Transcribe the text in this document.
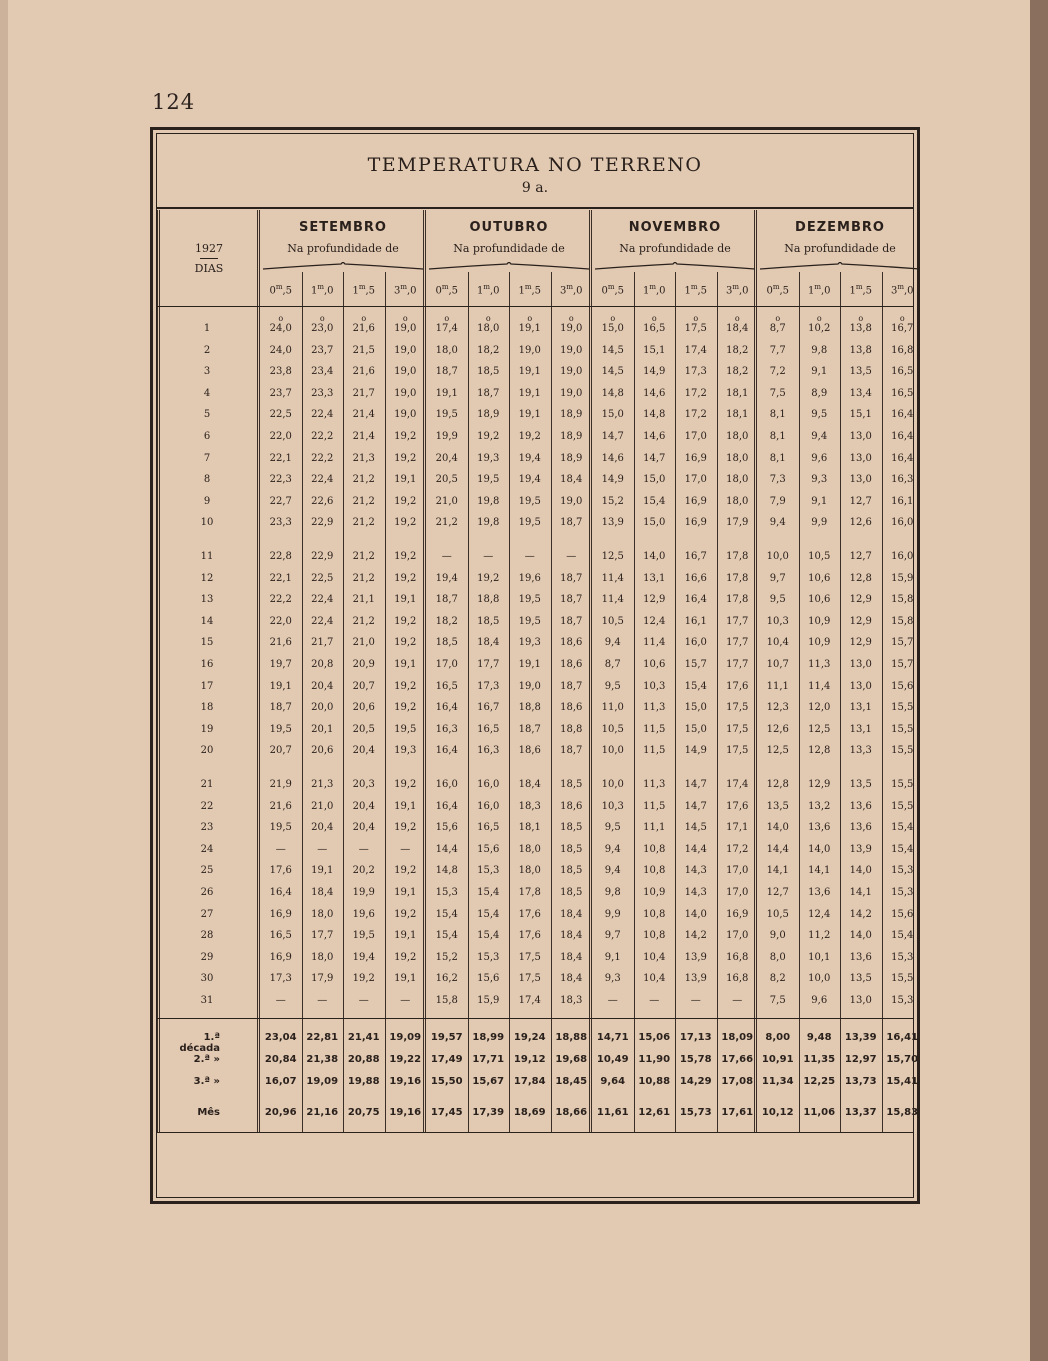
124
TEMPERATURA NO TERRENO
9 a.
1927
DIAS
SETEMBRO
Na profundidade de
OUTUBRO
Na profundidade de
NOVEMBRO
Na profundidade de
DEZEMBRO
Na profundidade de
0$^m$,5	1$^m$,0	1$^m$,5	3$^m$,0	0$^m$,5	1$^m$,0	1$^m$,5	3$^m$,0	0$^m$,5	1$^m$,0	1$^m$,5	3$^m$,0	0$^m$,5	1$^m$,0	1$^m$,5	3$^m$,0
o	o	o	o	o	o	o	o	o	o	o	o	o	o	o	o
1	24,0	23,0	21,6	19,0	17,4	18,0	19,1	19,0	15,0	16,5	17,5	18,4	8,7	10,2	13,8	16,7
2	24,0	23,7	21,5	19,0	18,0	18,2	19,0	19,0	14,5	15,1	17,4	18,2	7,7	9,8	13,8	16,8
3	23,8	23,4	21,6	19,0	18,7	18,5	19,1	19,0	14,5	14,9	17,3	18,2	7,2	9,1	13,5	16,5
4	23,7	23,3	21,7	19,0	19,1	18,7	19,1	19,0	14,8	14,6	17,2	18,1	7,5	8,9	13,4	16,5
5	22,5	22,4	21,4	19,0	19,5	18,9	19,1	18,9	15,0	14,8	17,2	18,1	8,1	9,5	15,1	16,4
6	22,0	22,2	21,4	19,2	19,9	19,2	19,2	18,9	14,7	14,6	17,0	18,0	8,1	9,4	13,0	16,4
7	22,1	22,2	21,3	19,2	20,4	19,3	19,4	18,9	14,6	14,7	16,9	18,0	8,1	9,6	13,0	16,4
8	22,3	22,4	21,2	19,1	20,5	19,5	19,4	18,4	14,9	15,0	17,0	18,0	7,3	9,3	13,0	16,3
9	22,7	22,6	21,2	19,2	21,0	19,8	19,5	19,0	15,2	15,4	16,9	18,0	7,9	9,1	12,7	16,1
10	23,3	22,9	21,2	19,2	21,2	19,8	19,5	18,7	13,9	15,0	16,9	17,9	9,4	9,9	12,6	16,0
11	22,8	22,9	21,2	19,2	—	—	—	—	12,5	14,0	16,7	17,8	10,0	10,5	12,7	16,0
12	22,1	22,5	21,2	19,2	19,4	19,2	19,6	18,7	11,4	13,1	16,6	17,8	9,7	10,6	12,8	15,9
13	22,2	22,4	21,1	19,1	18,7	18,8	19,5	18,7	11,4	12,9	16,4	17,8	9,5	10,6	12,9	15,8
14	22,0	22,4	21,2	19,2	18,2	18,5	19,5	18,7	10,5	12,4	16,1	17,7	10,3	10,9	12,9	15,8
15	21,6	21,7	21,0	19,2	18,5	18,4	19,3	18,6	9,4	11,4	16,0	17,7	10,4	10,9	12,9	15,7
16	19,7	20,8	20,9	19,1	17,0	17,7	19,1	18,6	8,7	10,6	15,7	17,7	10,7	11,3	13,0	15,7
17	19,1	20,4	20,7	19,2	16,5	17,3	19,0	18,7	9,5	10,3	15,4	17,6	11,1	11,4	13,0	15,6
18	18,7	20,0	20,6	19,2	16,4	16,7	18,8	18,6	11,0	11,3	15,0	17,5	12,3	12,0	13,1	15,5
19	19,5	20,1	20,5	19,5	16,3	16,5	18,7	18,8	10,5	11,5	15,0	17,5	12,6	12,5	13,1	15,5
20	20,7	20,6	20,4	19,3	16,4	16,3	18,6	18,7	10,0	11,5	14,9	17,5	12,5	12,8	13,3	15,5
21	21,9	21,3	20,3	19,2	16,0	16,0	18,4	18,5	10,0	11,3	14,7	17,4	12,8	12,9	13,5	15,5
22	21,6	21,0	20,4	19,1	16,4	16,0	18,3	18,6	10,3	11,5	14,7	17,6	13,5	13,2	13,6	15,5
23	19,5	20,4	20,4	19,2	15,6	16,5	18,1	18,5	9,5	11,1	14,5	17,1	14,0	13,6	13,6	15,4
24	—	—	—	—	14,4	15,6	18,0	18,5	9,4	10,8	14,4	17,2	14,4	14,0	13,9	15,4
25	17,6	19,1	20,2	19,2	14,8	15,3	18,0	18,5	9,4	10,8	14,3	17,0	14,1	14,1	14,0	15,3
26	16,4	18,4	19,9	19,1	15,3	15,4	17,8	18,5	9,8	10,9	14,3	17,0	12,7	13,6	14,1	15,3
27	16,9	18,0	19,6	19,2	15,4	15,4	17,6	18,4	9,9	10,8	14,0	16,9	10,5	12,4	14,2	15,6
28	16,5	17,7	19,5	19,1	15,4	15,4	17,6	18,4	9,7	10,8	14,2	17,0	9,0	11,2	14,0	15,4
29	16,9	18,0	19,4	19,2	15,2	15,3	17,5	18,4	9,1	10,4	13,9	16,8	8,0	10,1	13,6	15,3
30	17,3	17,9	19,2	19,1	16,2	15,6	17,5	18,4	9,3	10,4	13,9	16,8	8,2	10,0	13,5	15,5
31	—	—	—	—	15,8	15,9	17,4	18,3	—	—	—	—	7,5	9,6	13,0	15,3
1.ª década
23,04 22,81 21,41 19,09 19,57 18,99 19,24 18,88 14,71 15,06 17,13 18,09	8,00	9,48	13,39 16,41
2.ª »	20,84 21,38 20,88 19,22 17,49 17,71 19,12 19,68 10,49 11,90 15,78 17,66 10,91 11,35 12,97 15,70
3.ª »	16,07 19,09 19,88 19,16 15,50 15,67 17,84 18,45	9,64	10,88 14,29 17,08 11,34 12,25 13,73 15,41
Mês	20,96 21,16 20,75 19,16 17,45 17,39 18,69 18,66 11,61 12,61 15,73 17,61 10,12 11,06 13,37 15,83
